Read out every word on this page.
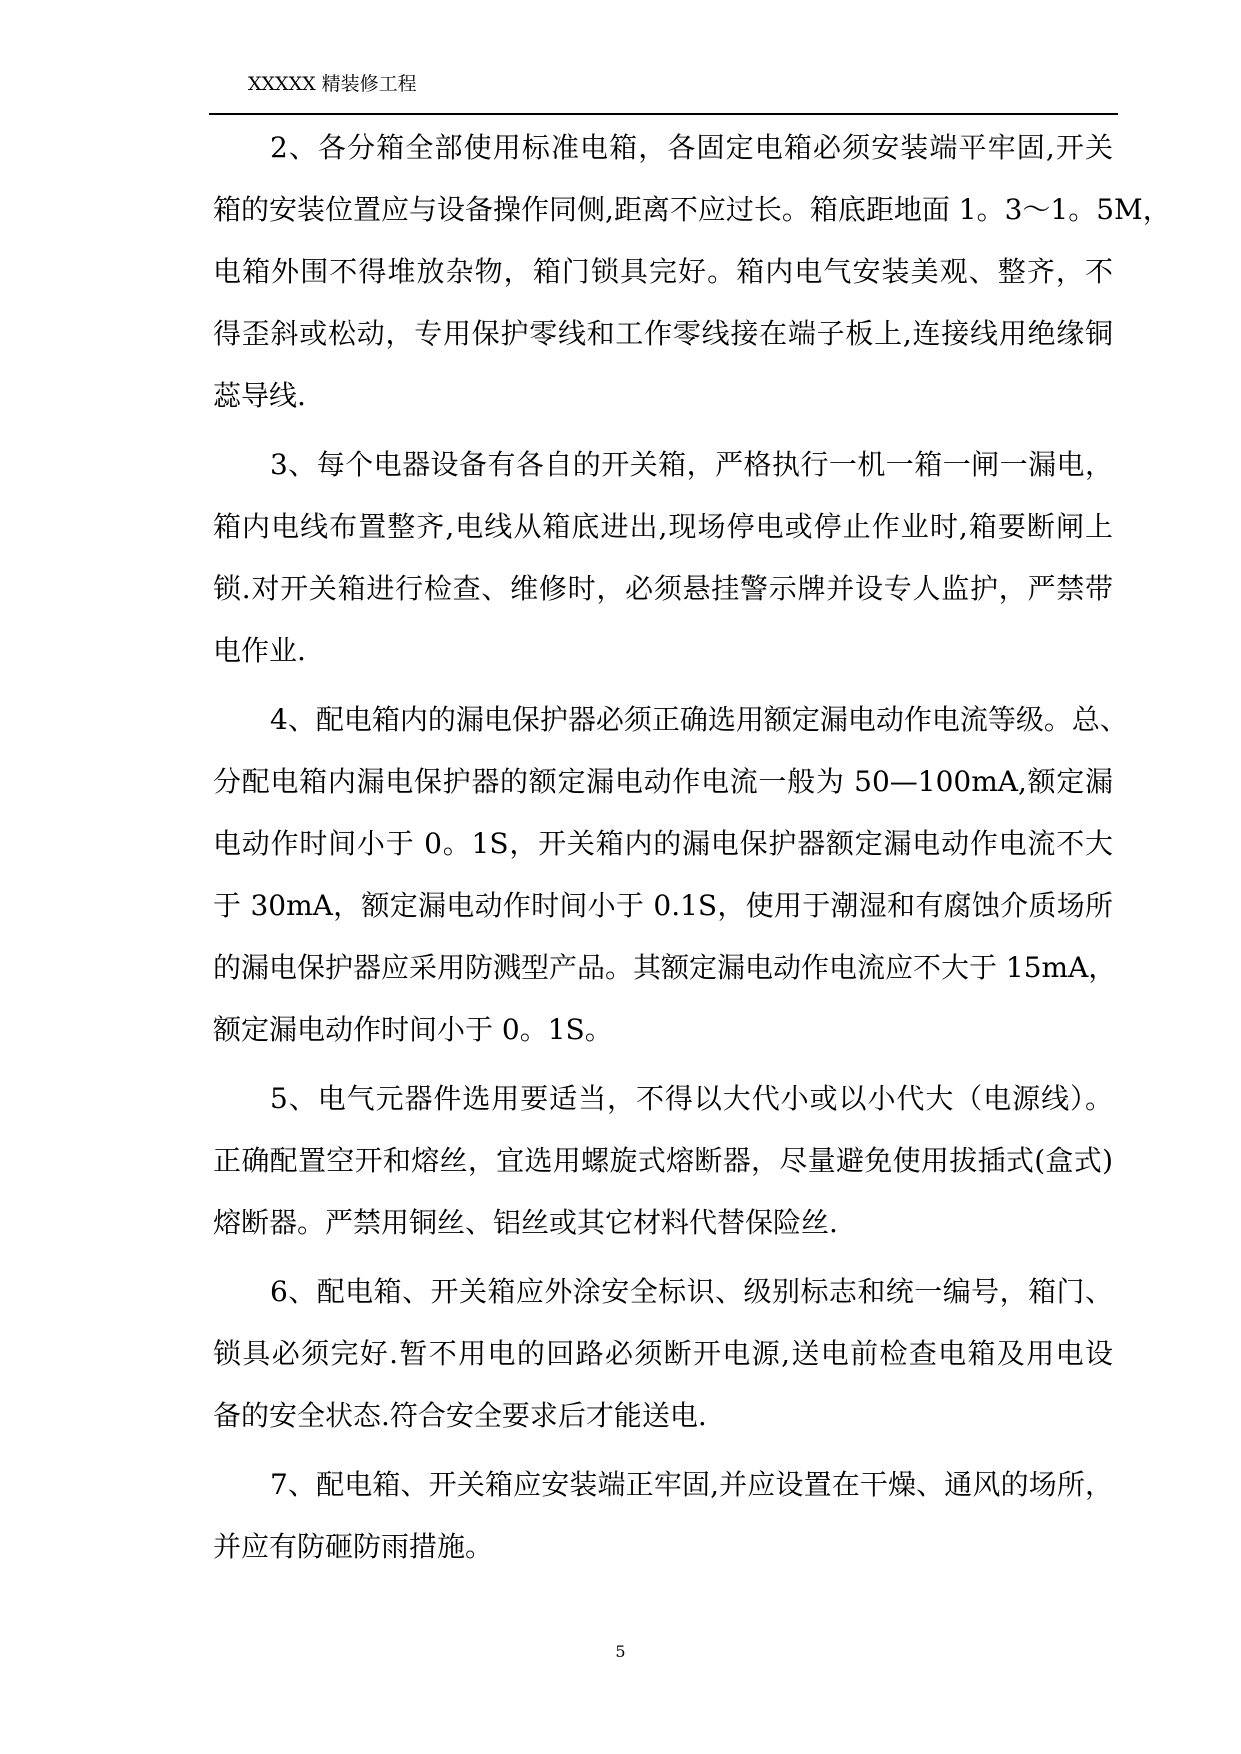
XXXXX 精装修工程
2、各分箱全部使用标准电箱，各固定电箱必须安装端平牢固,开关
箱的安装位置应与设备操作同侧,距离不应过长。箱底距地面 1。3～1。5M，
电箱外围不得堆放杂物，箱门锁具完好。箱内电气安装美观、整齐，不
得歪斜或松动，专用保护零线和工作零线接在端子板上,连接线用绝缘铜
蕊导线.
3、每个电器设备有各自的开关箱，严格执行一机一箱一闸一漏电，
箱内电线布置整齐,电线从箱底进出,现场停电或停止作业时,箱要断闸上
锁.对开关箱进行检查、维修时，必须悬挂警示牌并设专人监护，严禁带
电作业.
4、配电箱内的漏电保护器必须正确选用额定漏电动作电流等级。总、
分配电箱内漏电保护器的额定漏电动作电流一般为 50—100mA,额定漏
电动作时间小于 0。1S，开关箱内的漏电保护器额定漏电动作电流不大
于 30mA，额定漏电动作时间小于 0.1S，使用于潮湿和有腐蚀介质场所
的漏电保护器应采用防溅型产品。其额定漏电动作电流应不大于 15mA，
额定漏电动作时间小于 0。1S。
5、电气元器件选用要适当，不得以大代小或以小代大（电源线）。
正确配置空开和熔丝，宜选用螺旋式熔断器，尽量避免使用拔插式(盒式)
熔断器。严禁用铜丝、铝丝或其它材料代替保险丝.
6、配电箱、开关箱应外涂安全标识、级别标志和统一编号，箱门、
锁具必须完好.暂不用电的回路必须断开电源,送电前检查电箱及用电设
备的安全状态.符合安全要求后才能送电.
7、配电箱、开关箱应安装端正牢固,并应设置在干燥、通风的场所，
并应有防砸防雨措施。
5
